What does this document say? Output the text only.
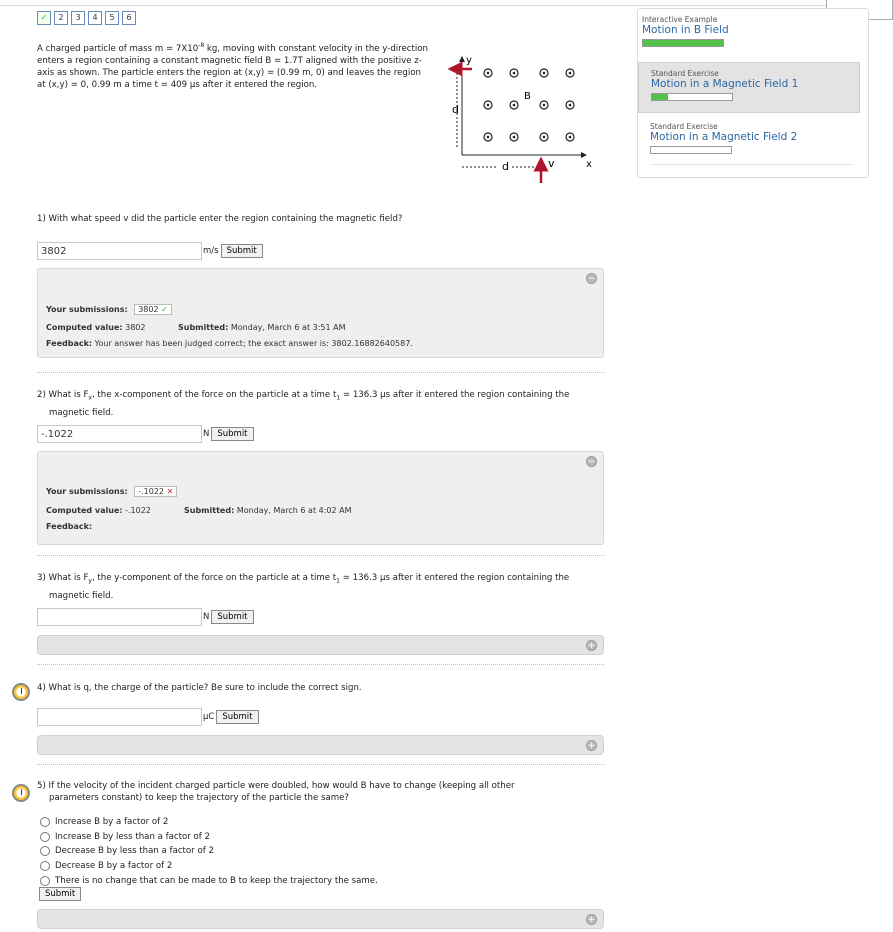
✓	2	3	4	5	6
A charged particle of mass $m = 7X10^{-8}$ kg, moving with constant velocity in the y-direction enters a region containing a constant magnetic field B = 1.7T aligned with the positive z-axis as shown. The particle enters the region at (x,y) = (0.99 m, 0) and leaves the region at (x,y) = 0, 0.99 m a time t = 409 μs after it entered the region.
y
x
d
d
B
v
1) With what speed v did the particle enter the region containing the magnetic field?
3802
m/s Submit
−
Your submissions: 3802 ✓
Computed value: 3802	Submitted: Monday, March 6 at 3:51 AM
Feedback: Your answer has been judged correct; the exact answer is: 3802.16882640587.
2) What is $F_x$, the x-component of the force on the particle at a time $t_1 = 136.3$ μs after it entered the region containing the magnetic field.
-.1022
N Submit
−
Your submissions: -.1022 ✕
Computed value: -.1022	Submitted: Monday, March 6 at 4:02 AM
Feedback:
3) What is $F_y$, the y-component of the force on the particle at a time $t_1 = 136.3$ μs after it entered the region containing the magnetic field.
N Submit
+
4) What is q, the charge of the particle? Be sure to include the correct sign.
μC Submit
+
5) If the velocity of the incident charged particle were doubled, how would B have to change (keeping all other parameters constant) to keep the trajectory of the particle the same?
Increase B by a factor of 2
Increase B by less than a factor of 2
Decrease B by less than a factor of 2
Decrease B by a factor of 2
There is no change that can be made to B to keep the trajectory the same.
Submit
+
Interactive Example
Motion in B Field
Standard Exercise
Motion in a Magnetic Field 1
Standard Exercise
Motion in a Magnetic Field 2
